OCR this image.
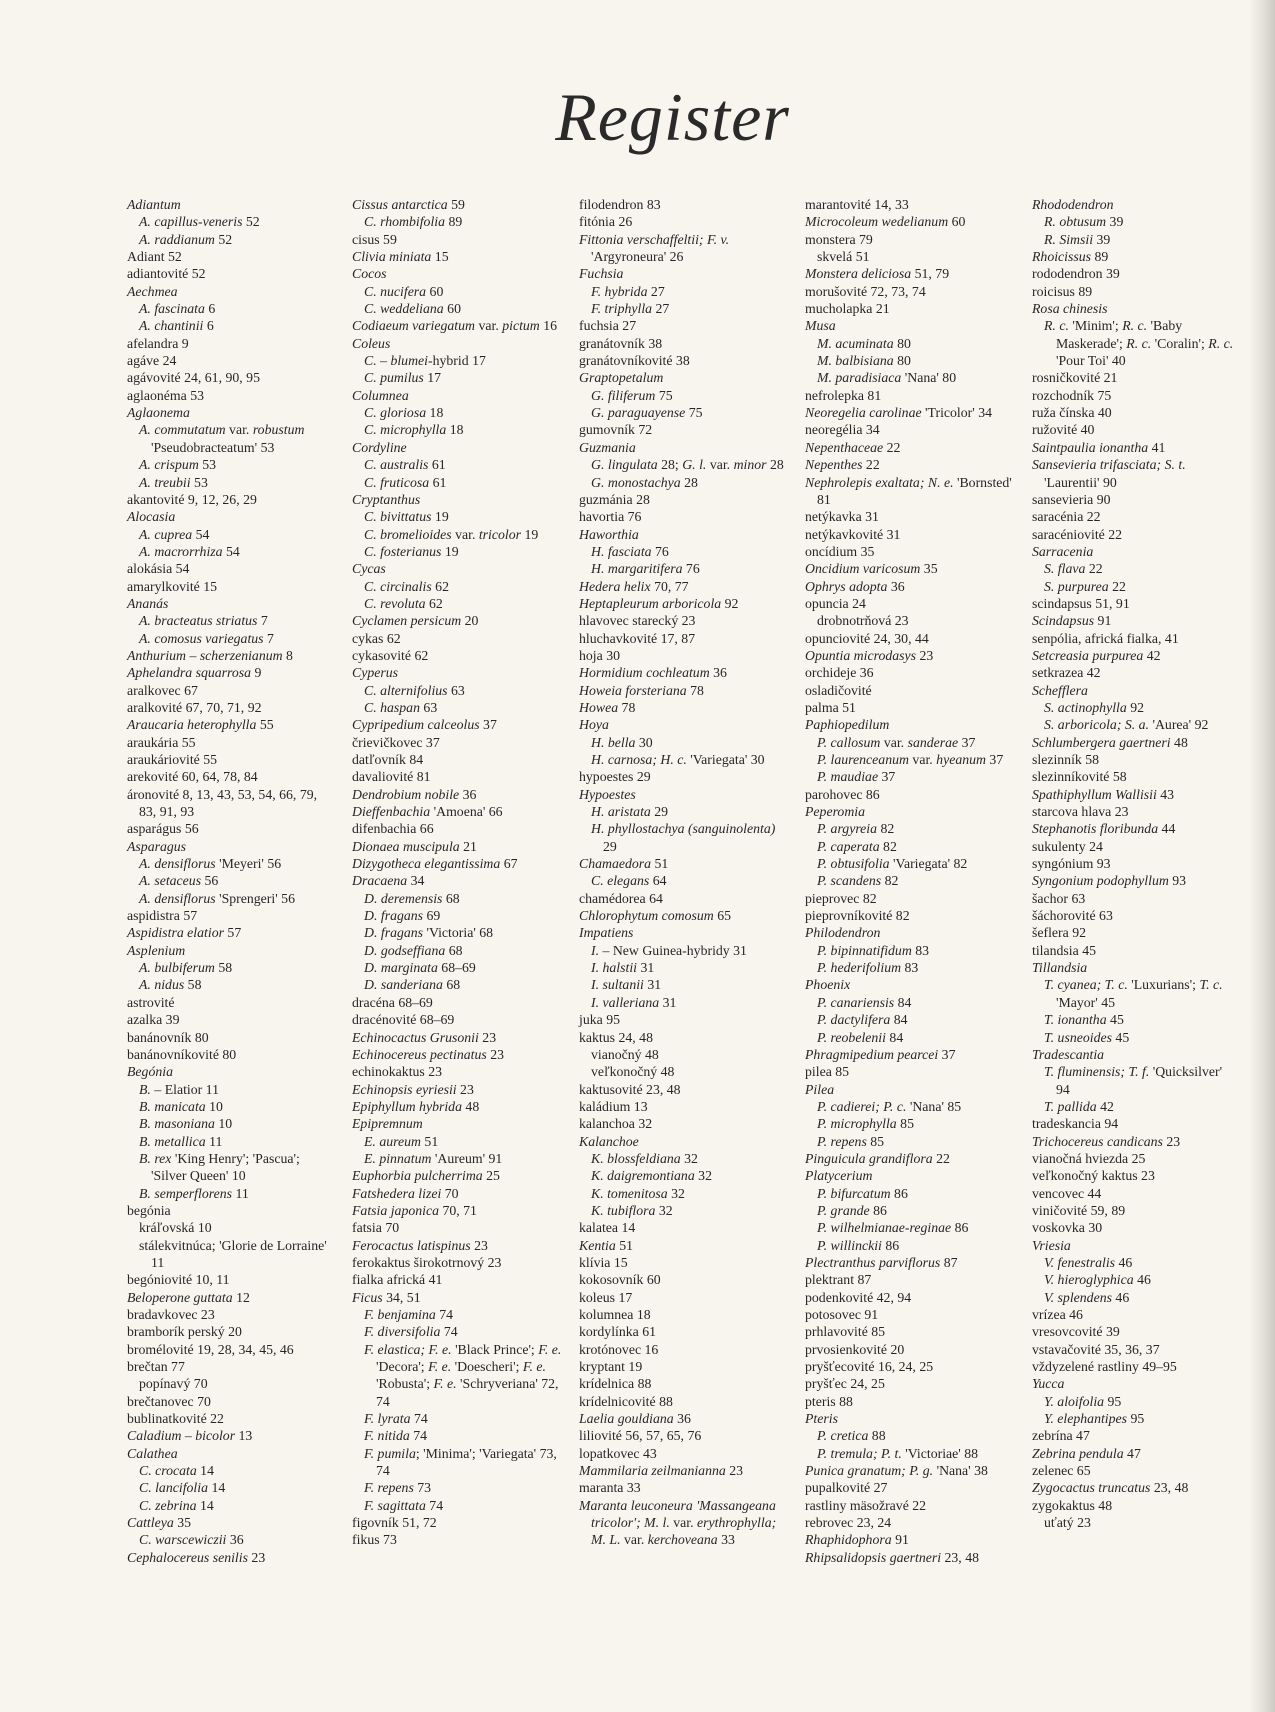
Register
Adiantum
A. capillus-veneris 52
A. raddianum 52
Adiant 52
adiantovité 52
Aechmea
A. fascinata 6
A. chantinii 6
afelandra 9
agáve 24
agávovité 24, 61, 90, 95
aglaonéma 53
Aglaonema
A. commutatum var. robustum 'Pseudobracteatum' 53
A. crispum 53
A. treubii 53
akantovité 9, 12, 26, 29
Alocasia
A. cuprea 54
A. macrorrhiza 54
alokásia 54
amarylkovité 15
Ananás
A. bracteatus striatus 7
A. comosus variegatus 7
Anthurium – scherzenianum 8
Aphelandra squarrosa 9
aralkovec 67
aralkovité 67, 70, 71, 92
Araucaria heterophylla 55
araukária 55
araukáriovité 55
arekovité 60, 64, 78, 84
áronovité 8, 13, 43, 53, 54, 66, 79, 83, 91, 93
asparágus 56
Asparagus
A. densiflorus 'Meyeri' 56
A. setaceus 56
A. densiflorus 'Sprengeri' 56
aspidistra 57
Aspidistra elatior 57
Asplenium
A. bulbiferum 58
A. nidus 58
astrovité
azalka 39
banánovník 80
banánovníkovité 80
Begónia
B. – Elatior 11
B. manicata 10
B. masoniana 10
B. metallica 11
B. rex 'King Henry'; 'Pascua'; 'Silver Queen' 10
B. semperflorens 11
begónia
kráľovská 10
stálekvitnúca; 'Glorie de Lorraine' 11
begóniovité 10, 11
Beloperone guttata 12
bradavkovec 23
bramborík perský 20
bromélovité 19, 28, 34, 45, 46
brečtan 77
popínavý 70
brečtanovec 70
bublinatkovité 22
Caladium – bicolor 13
Calathea
C. crocata 14
C. lancifolia 14
C. zebrina 14
Cattleya 35
C. warscewiczii 36
Cephalocereus senilis 23
Cissus antarctica 59
C. rhombifolia 89
cisus 59
Clivia miniata 15
Cocos
C. nucifera 60
C. weddeliana 60
Codiaeum variegatum var. pictum 16
Coleus
C. – blumei-hybrid 17
C. pumilus 17
Columnea
C. gloriosa 18
C. microphylla 18
Cordyline
C. australis 61
C. fruticosa 61
Cryptanthus
C. bivittatus 19
C. bromelioides var. tricolor 19
C. fosterianus 19
Cycas
C. circinalis 62
C. revoluta 62
Cyclamen persicum 20
cykas 62
cykasovité 62
Cyperus
C. alternifolius 63
C. haspan 63
Cypripedium calceolus 37
črievičkovec 37
datľovník 84
davaliovité 81
Dendrobium nobile 36
Dieffenbachia 'Amoena' 66
difenbachia 66
Dionaea muscipula 21
Dizygotheca elegantissima 67
Dracaena 34
D. deremensis 68
D. fragans 69
D. fragans 'Victoria' 68
D. godseffiana 68
D. marginata 68–69
D. sanderiana 68
dracéna 68–69
dracénovité 68–69
Echinocactus Grusonii 23
Echinocereus pectinatus 23
echinokaktus 23
Echinopsis eyriesii 23
Epiphyllum hybrida 48
Epipremnum
E. aureum 51
E. pinnatum 'Aureum' 91
Euphorbia pulcherrima 25
Fatshedera lizei 70
Fatsia japonica 70, 71
fatsia 70
Ferocactus latispinus 23
ferokaktus širokotrnový 23
fialka africká 41
Ficus 34, 51
F. benjamina 74
F. diversifolia 74
F. elastica; F. e. 'Black Prince'; F. e. 'Decora'; F. e. 'Doescheri'; F. e. 'Robusta'; F. e. 'Schryveriana' 72, 74
F. lyrata 74
F. nitida 74
F. pumila; 'Minima'; 'Variegata' 73, 74
F. repens 73
F. sagittata 74
figovník 51, 72
fikus 73
filodendron 83
fitónia 26
Fittonia verschaffeltii; F. v. 'Argyroneura' 26
Fuchsia
F. hybrida 27
F. triphylla 27
fuchsia 27
granátovník 38
granátovníkovité 38
Graptopetalum
G. filiferum 75
G. paraguayense 75
gumovník 72
Guzmania
G. lingulata 28; G. l. var. minor 28
G. monostachya 28
guzmánia 28
havortia 76
Haworthia
H. fasciata 76
H. margaritifera 76
Hedera helix 70, 77
Heptapleurum arboricola 92
hlavovec starecký 23
hluchavkovité 17, 87
hoja 30
Hormidium cochleatum 36
Howeia forsteriana 78
Howea 78
Hoya
H. bella 30
H. carnosa; H. c. 'Variegata' 30
hypoestes 29
Hypoestes
H. aristata 29
H. phyllostachya (sanguinolenta) 29
Chamaedora 51
C. elegans 64
chamédorea 64
Chlorophytum comosum 65
Impatiens
I. – New Guinea-hybridy 31
I. halstii 31
I. sultanii 31
I. valleriana 31
juka 95
kaktus 24, 48
vianočný 48
veľkonočný 48
kaktusovité 23, 48
kaládium 13
kalanchoa 32
Kalanchoe
K. blossfeldiana 32
K. daigremontiana 32
K. tomenitosa 32
K. tubiflora 32
kalatea 14
Kentia 51
klívia 15
kokosovník 60
koleus 17
kolumnea 18
kordylínka 61
krotónovec 16
kryptant 19
krídelnica 88
krídelnicovité 88
Laelia gouldiana 36
liliovité 56, 57, 65, 76
lopatkovec 43
Mammilaria zeilmanianna 23
maranta 33
Maranta leuconeura 'Massangeana tricolor'; M. l. var. erythrophylla; M. L. var. kerchoveana 33
marantovité 14, 33
Microcoleum wedelianum 60
monstera 79
skvelá 51
Monstera deliciosa 51, 79
morušovité 72, 73, 74
mucholapka 21
Musa
M. acuminata 80
M. balbisiana 80
M. paradisiaca 'Nana' 80
nefrolepka 81
Neoregelia carolinae 'Tricolor' 34
neoregélia 34
Nepenthaceae 22
Nepenthes 22
Nephrolepis exaltata; N. e. 'Bornsted' 81
netýkavka 31
netýkavkovité 31
oncídium 35
Oncidium varicosum 35
Ophrys adopta 36
opuncia 24
drobnotrňová 23
opunciovité 24, 30, 44
Opuntia microdasys 23
orchideje 36
osladičovité
palma 51
Paphiopedilum
P. callosum var. sanderae 37
P. laurenceanum var. hyeanum 37
P. maudiae 37
parohovec 86
Peperomia
P. argyreia 82
P. caperata 82
P. obtusifolia 'Variegata' 82
P. scandens 82
pieprovec 82
pieprovníkovité 82
Philodendron
P. bipinnatifidum 83
P. hederifolium 83
Phoenix
P. canariensis 84
P. dactylifera 84
P. reobelenii 84
Phragmipedium pearcei 37
pilea 85
Pilea
P. cadierei; P. c. 'Nana' 85
P. microphylla 85
P. repens 85
Pinguicula grandiflora 22
Platycerium
P. bifurcatum 86
P. grande 86
P. wilhelmianae-reginae 86
P. willinckii 86
Plectranthus parviflorus 87
plektrant 87
podenkovité 42, 94
potosovec 91
prhlavovité 85
prvosienkovité 20
pryšťecovité 16, 24, 25
pryšťec 24, 25
pteris 88
Pteris
P. cretica 88
P. tremula; P. t. 'Victoriae' 88
Punica granatum; P. g. 'Nana' 38
pupalkovité 27
rastliny mäsožravé 22
rebrovec 23, 24
Rhaphidophora 91
Rhipsalidopsis gaertneri 23, 48
Rhododendron
R. obtusum 39
R. Simsii 39
Rhoicissus 89
rododendron 39
roicisus 89
Rosa chinesis
R. c. 'Minim'; R. c. 'Baby Maskerade'; R. c. 'Coralin'; R. c. 'Pour Toi' 40
rosničkovité 21
rozchodník 75
ruža čínska 40
ružovité 40
Saintpaulia ionantha 41
Sansevieria trifasciata; S. t. 'Laurentii' 90
sansevieria 90
saracénia 22
saracéniovité 22
Sarracenia
S. flava 22
S. purpurea 22
scindapsus 51, 91
Scindapsus 91
senpólia, africká fialka, 41
Setcreasia purpurea 42
setkrazea 42
Schefflera
S. actinophylla 92
S. arboricola; S. a. 'Aurea' 92
Schlumbergera gaertneri 48
slezinník 58
slezinníkovité 58
Spathiphyllum Wallisii 43
starcova hlava 23
Stephanotis floribunda 44
sukulenty 24
syngónium 93
Syngonium podophyllum 93
šachor 63
šáchorovité 63
šeflera 92
tilandsia 45
Tillandsia
T. cyanea; T. c. 'Luxurians'; T. c. 'Mayor' 45
T. ionantha 45
T. usneoides 45
Tradescantia
T. fluminensis; T. f. 'Quicksilver' 94
T. pallida 42
tradeskancia 94
Trichocereus candicans 23
vianočná hviezda 25
veľkonočný kaktus 23
vencovec 44
viničovité 59, 89
voskovka 30
Vriesia
V. fenestralis 46
V. hieroglyphica 46
V. splendens 46
vrízea 46
vresovcovité 39
vstavačovité 35, 36, 37
vždyzelené rastliny 49–95
Yucca
Y. aloifolia 95
Y. elephantipes 95
zebrína 47
Zebrina pendula 47
zelenec 65
Zygocactus truncatus 23, 48
zygokaktus 48
uťatý 23
